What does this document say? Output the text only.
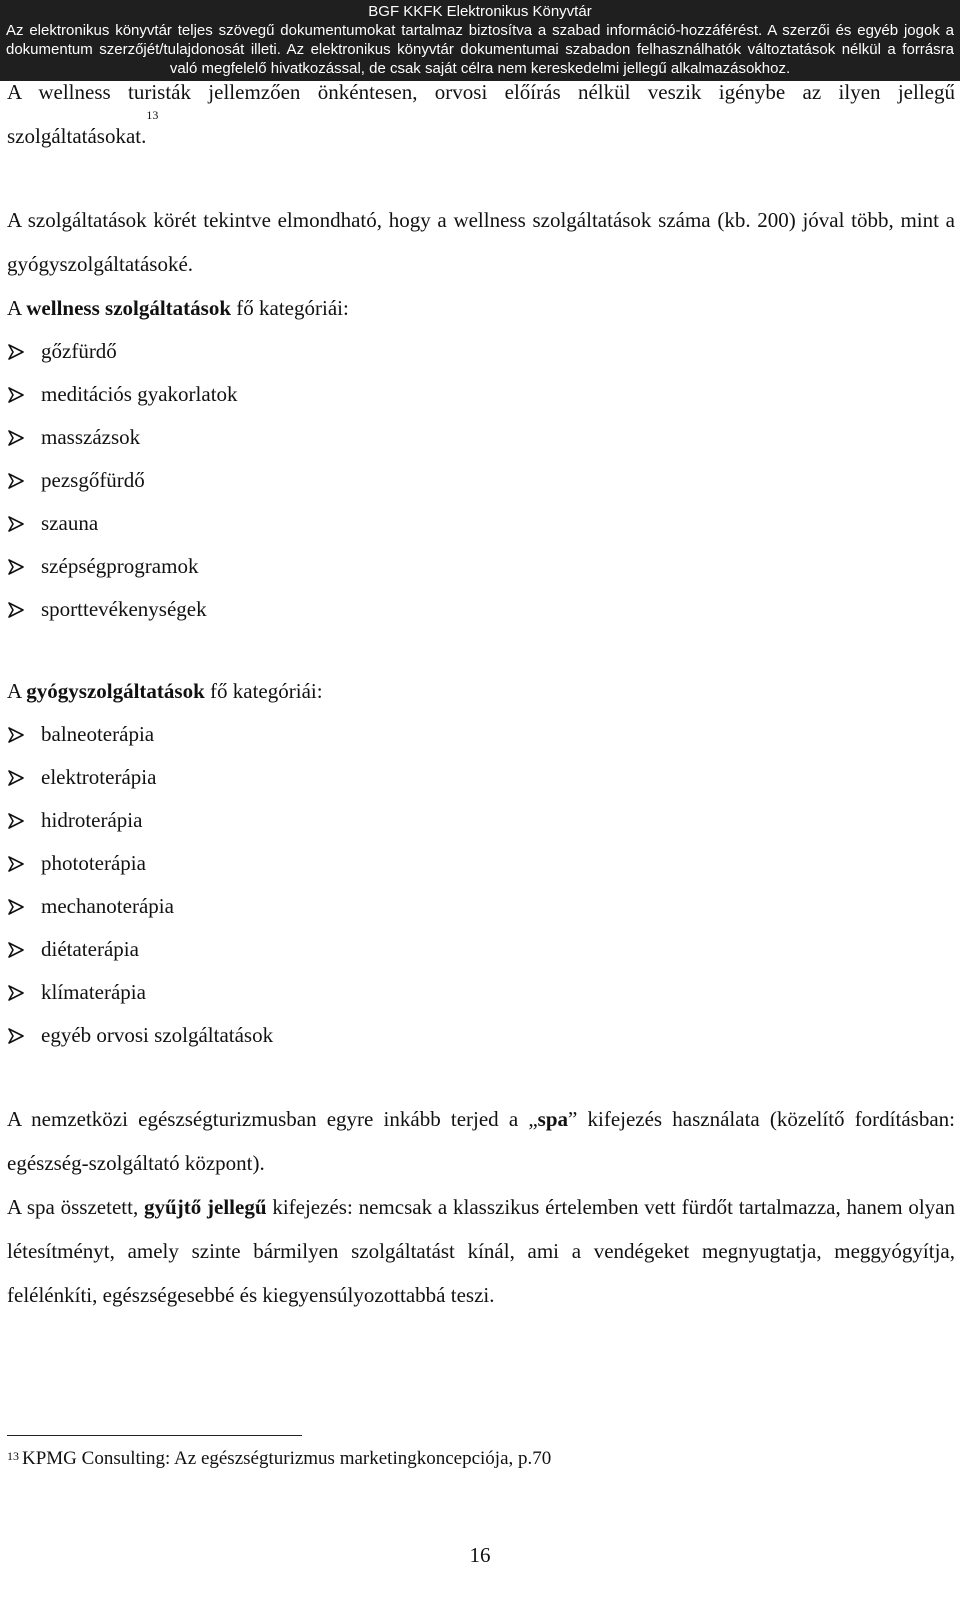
BGF KKFK Elektronikus Könyvtár
Az elektronikus könyvtár teljes szövegű dokumentumokat tartalmaz biztosítva a szabad információ-hozzáférést. A szerzői és egyéb jogok a dokumentum szerzőjét/tulajdonosát illeti. Az elektronikus könyvtár dokumentumai szabadon felhasználhatók változtatások nélkül a forrásra való megfelelő hivatkozással, de csak saját célra nem kereskedelmi jellegű alkalmazásokhoz.

A wellness turisták jellemzően önkéntesen, orvosi előírás nélkül veszik igénybe az ilyen jellegű szolgáltatásokat.$^{13}$

A szolgáltatások körét tekintve elmondható, hogy a wellness szolgáltatások száma (kb. 200) jóval több, mint a gyógyszolgáltatásoké.

A wellness szolgáltatások fő kategóriái:

gőzfürdő
meditációs gyakorlatok
masszázsok
pezsgőfürdő
szauna
szépségprogramok
sporttevékenységek

A gyógyszolgáltatások fő kategóriái:

balneoterápia
elektroterápia
hidroterápia
phototerápia
mechanoterápia
diétaterápia
klímaterápia
egyéb orvosi szolgáltatások

A nemzetközi egészségturizmusban egyre inkább terjed a „spa” kifejezés használata (közelítő fordításban: egészség-szolgáltató központ).

A spa összetett, gyűjtő jellegű kifejezés: nemcsak a klasszikus értelemben vett fürdőt tartalmazza, hanem olyan létesítményt, amely szinte bármilyen szolgáltatást kínál, ami a vendégeket megnyugtatja, meggyógyítja, felélénkíti, egészségesebbé és kiegyensúlyozottabbá teszi.

$^{13}$ KPMG Consulting: Az egészségturizmus marketingkoncepciója, p.70
16
